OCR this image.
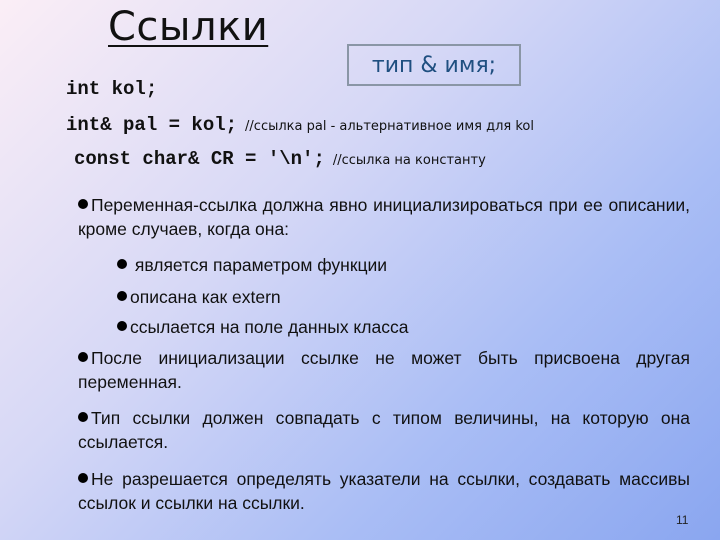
Ссылки
тип & имя;
int kol;
int& pal = kol; //ссылка pal - альтернативное имя для kol
const char& CR = '\n'; //ссылка на константу
Переменная-ссылка должна явно инициализироваться при ее описании, кроме случаев, когда она:
является параметром функции
описана как extern
ссылается на поле данных класса
После инициализации ссылке не может быть присвоена другая переменная.
Тип ссылки должен совпадать с типом величины, на которую она ссылается.
Не разрешается определять указатели на ссылки, создавать массивы ссылок и ссылки на ссылки.
11
